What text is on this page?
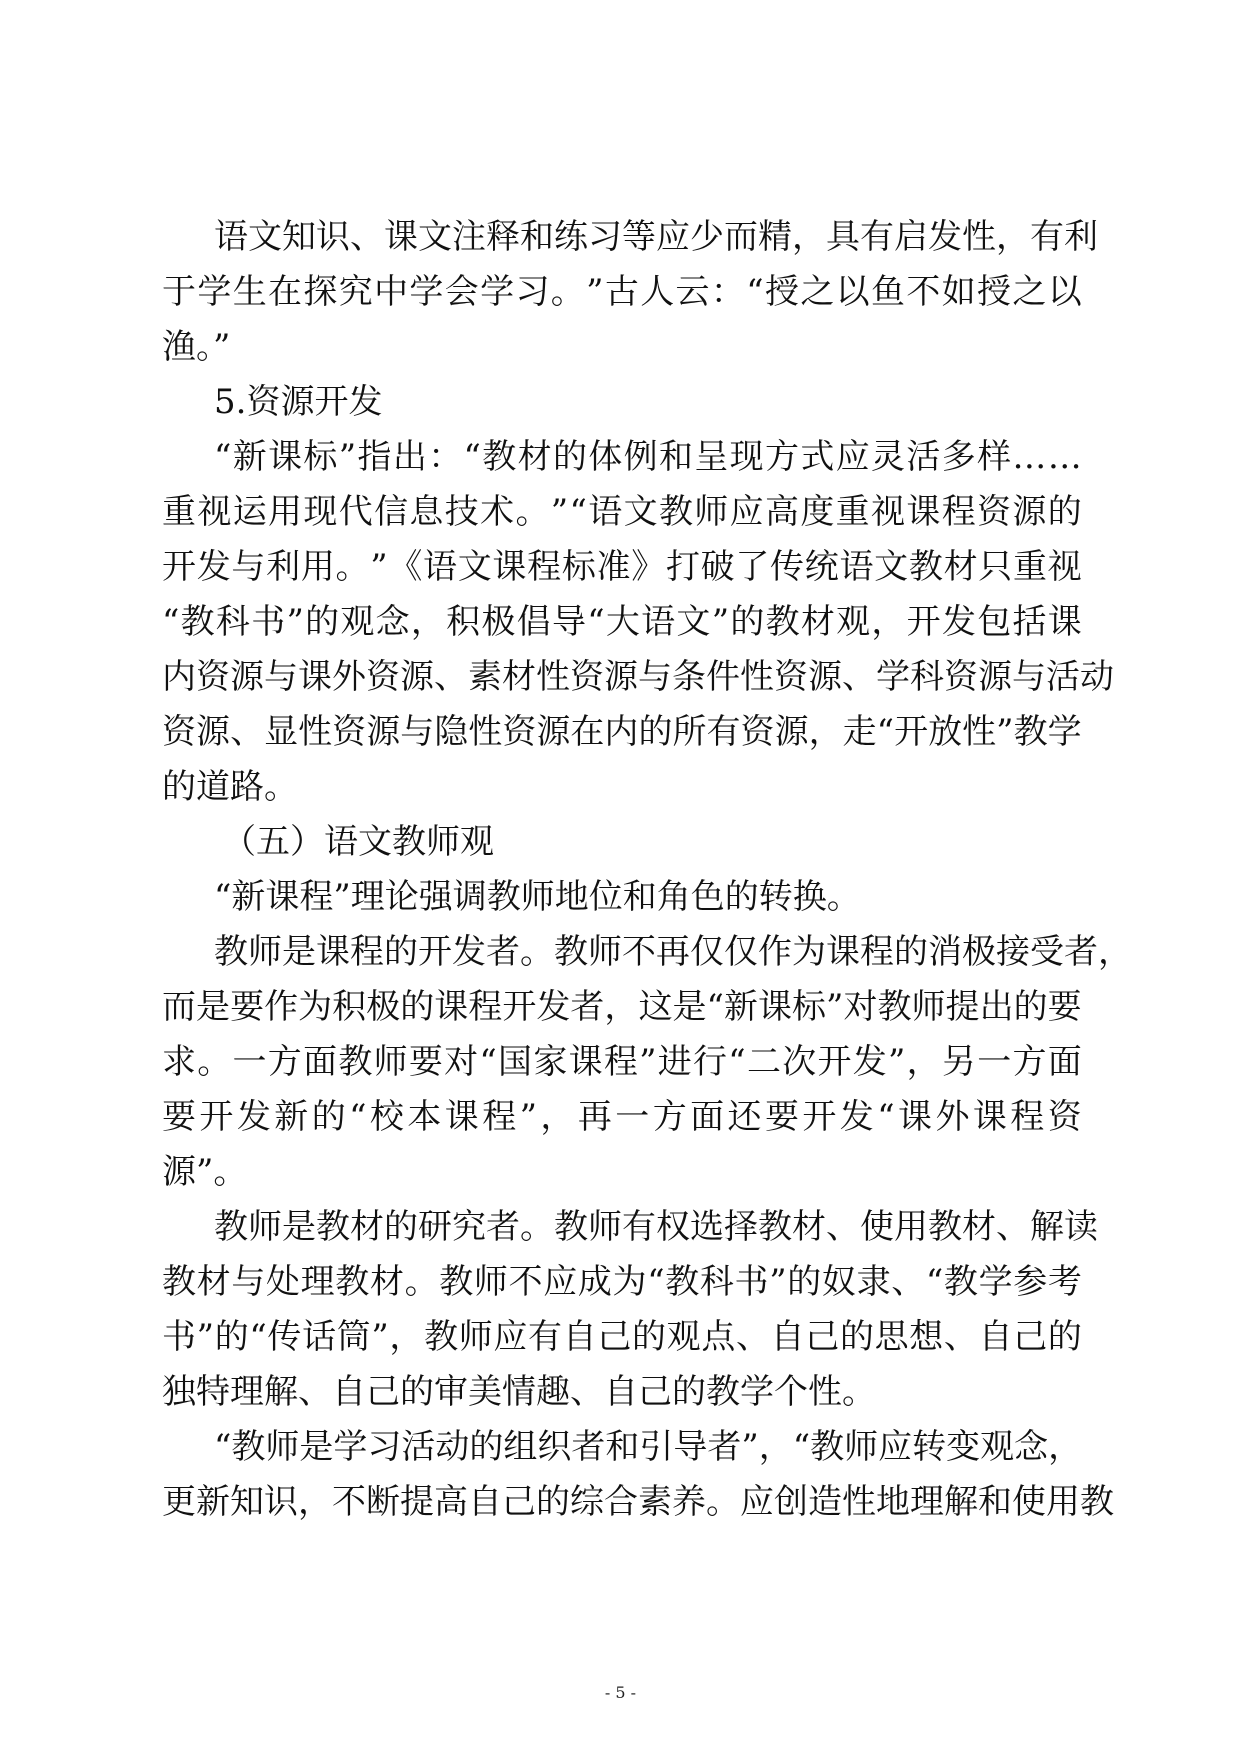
语 文 知 识 、 课 文 注 释 和 练 习 等 应 少 而 精 ， 具 有 启 发 性 ， 有 利
于 学 生 在 探 究 中 学 会 学 习 。 ” 古 人 云 ： “ 授 之 以 鱼 不 如 授 之 以
渔。”
5.资源开发
“ 新 课 标 ” 指 出 ： “ 教 材 的 体 例 和 呈 现 方 式 应 灵 活 多 样 … …
重 视 运 用 现 代 信 息 技 术 。 ” “ 语 文 教 师 应 高 度 重 视 课 程 资 源 的
开 发 与 利 用 。 ” 《 语 文 课 程 标 准 》 打 破 了 传 统 语 文 教 材 只 重 视
“ 教 科 书 ” 的 观 念 ， 积 极 倡 导 “ 大 语 文 ” 的 教 材 观 ， 开 发 包 括 课
内 资 源 与 课 外 资 源 、 素 材 性 资 源 与 条 件 性 资 源 、 学 科 资 源 与 活 动
资 源 、 显 性 资 源 与 隐 性 资 源 在 内 的 所 有 资 源 ， 走 “ 开 放 性 ” 教 学
的道路。
（五）语文教师观
“新课程”理论强调教师地位和角色的转换。
教 师 是 课 程 的 开 发 者 。 教 师 不 再 仅 仅 作 为 课 程 的 消 极 接 受 者 ，
而 是 要 作 为 积 极 的 课 程 开 发 者 ， 这 是 “ 新 课 标 ” 对 教 师 提 出 的 要
求 。 一 方 面 教 师 要 对 “ 国 家 课 程 ” 进 行 “ 二 次 开 发 ” ， 另 一 方 面
要 开 发 新 的 “ 校 本 课 程 ” ， 再 一 方 面 还 要 开 发 “ 课 外 课 程 资
源”。
教 师 是 教 材 的 研 究 者 。 教 师 有 权 选 择 教 材 、 使 用 教 材 、 解 读
教 材 与 处 理 教 材 。 教 师 不 应 成 为 “ 教 科 书 ” 的 奴 隶 、 “ 教 学 参 考
书 ” 的 “ 传 话 筒 ” ， 教 师 应 有 自 己 的 观 点 、 自 己 的 思 想 、 自 己 的
独特理解、自己的审美情趣、自己的教学个性。
“ 教 师 是 学 习 活 动 的 组 织 者 和 引 导 者 ” ， “ 教 师 应 转 变 观 念 ，
更 新 知 识 ， 不 断 提 高 自 己 的 综 合 素 养 。 应 创 造 性 地 理 解 和 使 用 教
- 5 -
